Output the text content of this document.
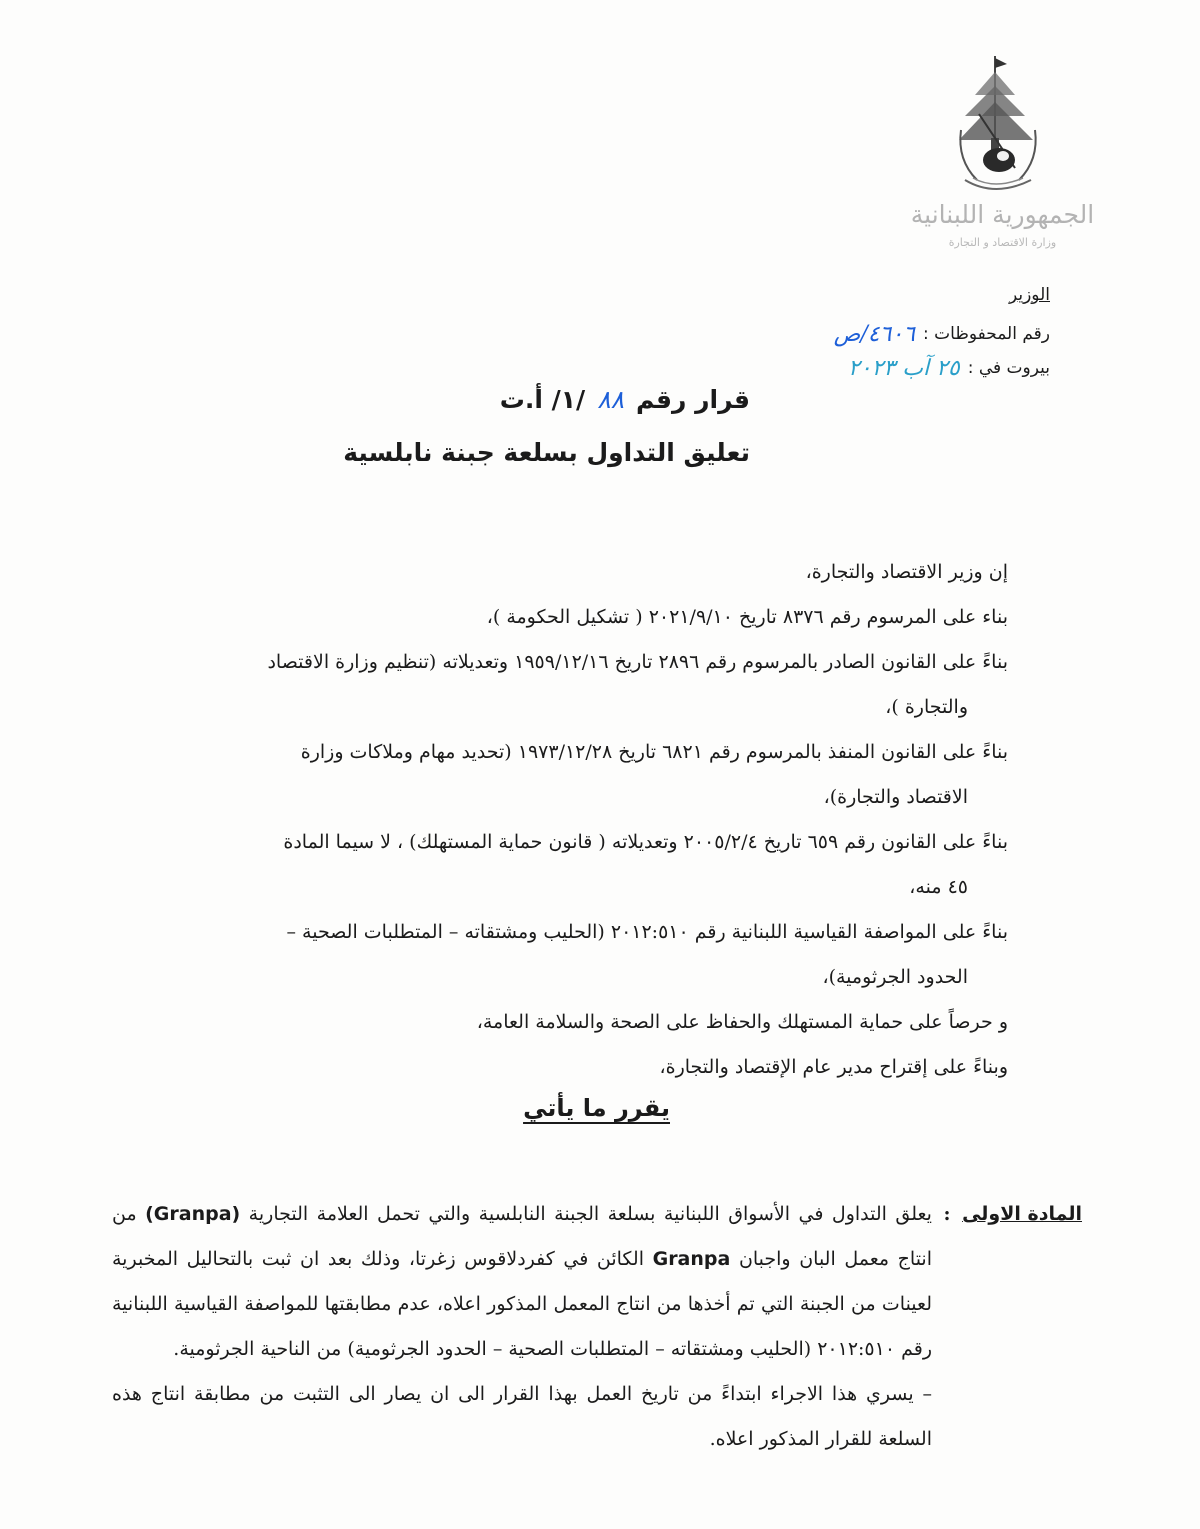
الجمهورية اللبنانية
وزارة الاقتصاد و التجارة
الوزير
رقم المحفوظات :
٤٦٠٦/ص
بيروت في :
٢٥ آب ٢٠٢٣
قرار رقم
٨٨
/١/ أ.ت
تعليق التداول بسلعة جبنة نابلسية

إن وزير الاقتصاد والتجارة،

بناء على المرسوم رقم ٨٣٧٦ تاريخ ٢٠٢١/٩/١٠ ( تشكيل الحكومة )،

بناءً على القانون الصادر بالمرسوم رقم ٢٨٩٦ تاريخ ١٩٥٩/١٢/١٦ وتعديلاته (تنظيم وزارة الاقتصاد
والتجارة )،

بناءً على القانون المنفذ بالمرسوم رقم ٦٨٢١ تاريخ ١٩٧٣/١٢/٢٨ (تحديد مهام وملاكات وزارة
الاقتصاد والتجارة)،

بناءً على القانون رقم ٦٥٩ تاريخ ٢٠٠٥/٢/٤ وتعديلاته ( قانون حماية المستهلك) ، لا سيما المادة
٤٥ منه،

بناءً على المواصفة القياسية اللبنانية رقم ٢٠١٢:٥١٠ (الحليب ومشتقاته – المتطلبات الصحية –
الحدود الجرثومية)،

و حرصاً على حماية المستهلك والحفاظ على الصحة والسلامة العامة،

وبناءً على إقتراح مدير عام الإقتصاد والتجارة،

يقرر ما يأتي
المادة الاولى
:

يعلق التداول في الأسواق اللبنانية بسلعة الجبنة النابلسية والتي تحمل العلامة التجارية (Granpa) من انتاج معمل البان واجبان Granpa الكائن في كفردلاقوس زغرتا، وذلك بعد ان ثبت بالتحاليل المخبرية لعينات من الجبنة التي تم أخذها من انتاج المعمل المذكور اعلاه، عدم مطابقتها للمواصفة القياسية اللبنانية رقم ٢٠١٢:٥١٠ (الحليب ومشتقاته – المتطلبات الصحية – الحدود الجرثومية) من الناحية الجرثومية.

– يسري هذا الاجراء ابتداءً من تاريخ العمل بهذا القرار الى ان يصار الى التثبت من مطابقة انتاج هذه السلعة للقرار المذكور اعلاه.
